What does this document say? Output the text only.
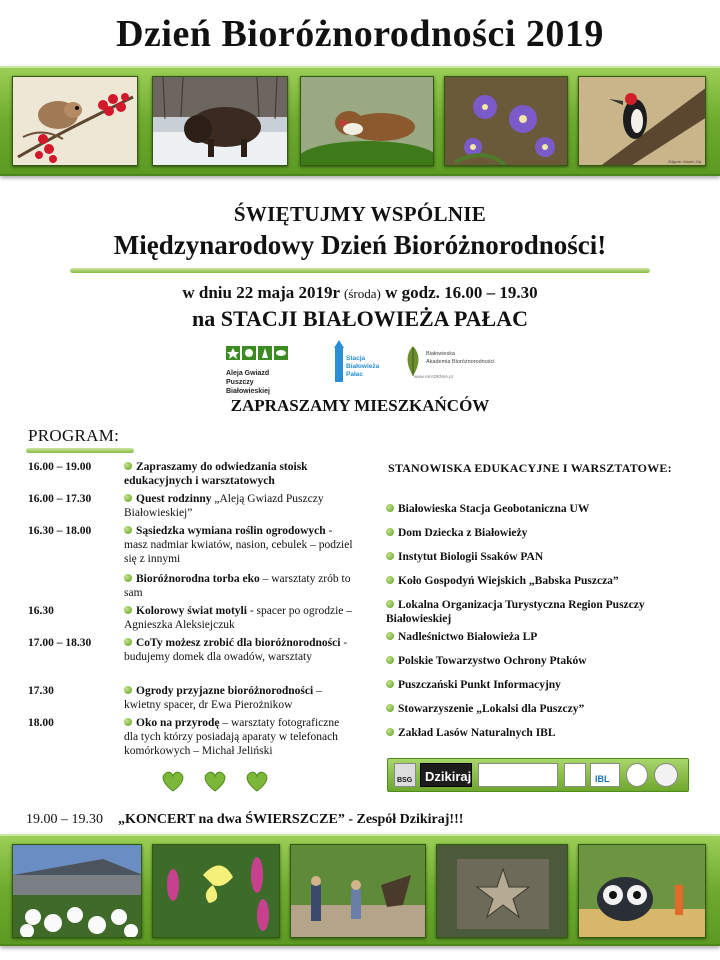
Dzień Bioróżnorodności 2019
Zdjęcie: Marek Zaj
ŚWIĘTUJMY WSPÓLNIE
Międzynarodowy Dzień Bioróżnorodności!
w dniu 22 maja 2019r (środa) w godz. 16.00 – 19.30
na STACJI BIAŁOWIEŻA PAŁAC
Aleja Gwiazd
Puszczy Białowieskiej
Stacja
Białowieża
Pałac
Białowieska
Akademia Bioróżnorodności
www.AKADEMIA.pl
ZAPRASZAMY MIESZKAŃCÓW
PROGRAM:
16.00 – 19.00	Zapraszamy do odwiedzania stoisk edukacyjnych i warsztatowych
16.00 – 17.30	Quest rodzinny „Aleją Gwiazd Puszczy Białowieskiej”
16.30 – 18.00	Sąsiedzka wymiana roślin ogrodowych - masz nadmiar kwiatów, nasion, cebulek – podziel się z innymi
Bioróżnorodna torba eko – warsztaty zrób to sam
16.30	Kolorowy świat motyli - spacer po ogrodzie – Agnieszka Aleksiejczuk
17.00 – 18.30	CoTy możesz zrobić dla bioróżnorodności - budujemy domek dla owadów, warsztaty
17.30	Ogrody przyjazne bioróżnorodności – kwietny spacer, dr Ewa Pierożnikow
18.00	Oko na przyrodę – warsztaty fotograficzne dla tych którzy posiadają aparaty w telefonach komórkowych – Michał Jeliński

STANOWISKA EDUKACYJNE I WARSZTATOWE:
Białowieska Stacja Geobotaniczna UW
Dom Dziecka z Białowieży
Instytut Biologii Ssaków PAN
Koło Gospodyń Wiejskich „Babska Puszcza”
Lokalna Organizacja Turystyczna Region Puszczy Białowieskiej
Nadleśnictwo Białowieża LP
Polskie Towarzystwo Ochrony Ptaków
Puszczański Punkt Informacyjny
Stowarzyszenie „Lokalsi dla Puszczy”
Zakład Lasów Naturalnych IBL
BSG Dzikiraj	IBL
19.00 – 19.30 „KONCERT na dwa ŚWIERSZCZE” - Zespół Dzikiraj!!!
